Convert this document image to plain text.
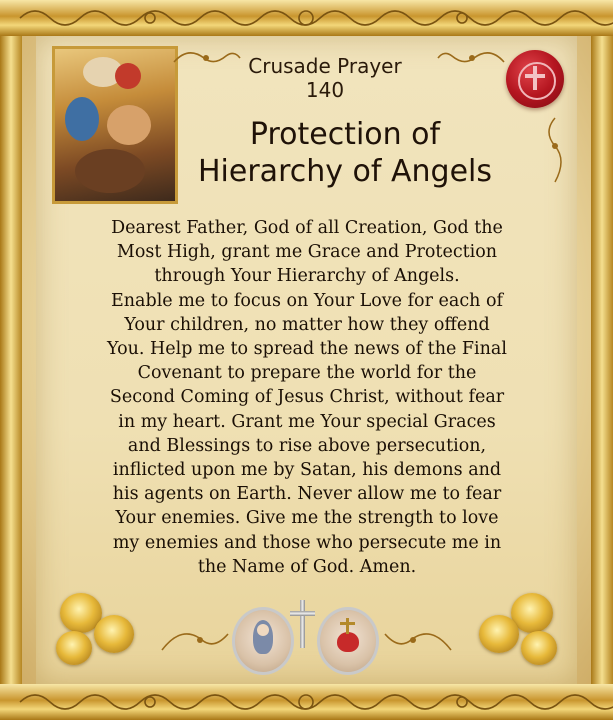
Crusade Prayer
140
Protection of
Hierarchy of Angels
Dearest Father, God of all Creation, God the
Most High, grant me Grace and Protection
through Your Hierarchy of Angels.
Enable me to focus on Your Love for each of
Your children, no matter how they offend
You. Help me to spread the news of the Final
Covenant to prepare the world for the
Second Coming of Jesus Christ, without fear
in my heart. Grant me Your special Graces
and Blessings to rise above persecution,
inflicted upon me by Satan, his demons and
his agents on Earth. Never allow me to fear
Your enemies. Give me the strength to love
my enemies and those who persecute me in
the Name of God. Amen.
